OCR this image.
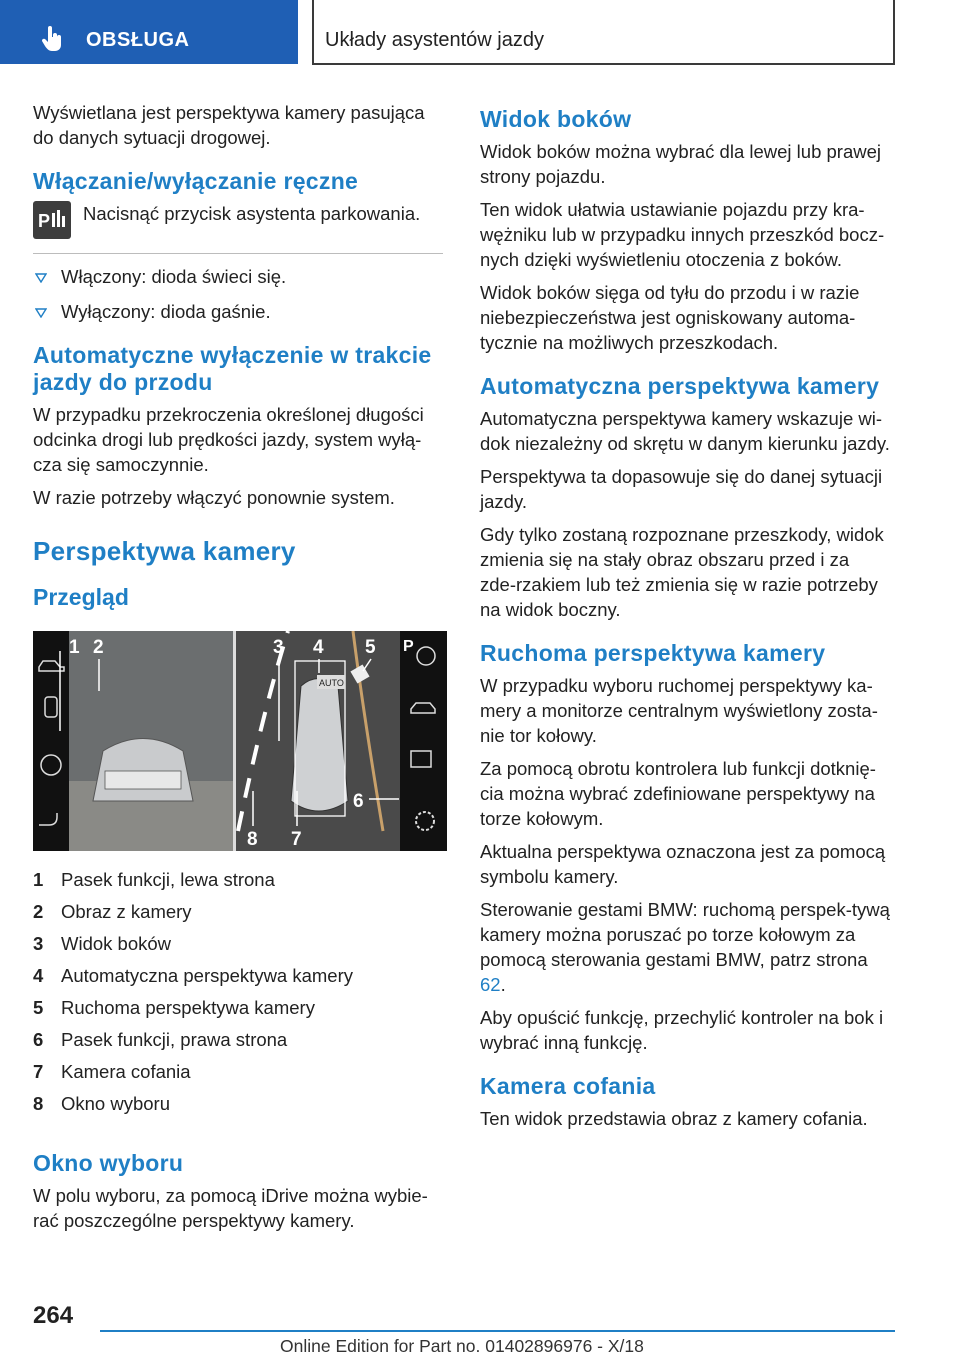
OBSŁUGA	Układy asystentów jazdy

Wyświetlana jest perspektywa kamery pasująca do danych sytuacji drogowej.

Włączanie/wyłączanie ręczne
P Nacisnąć przycisk asystenta parkowania.

Włączony: dioda świeci się.
Wyłączony: dioda gaśnie.
Automatyczne wyłączenie w trakcie jazdy do przodu

W przypadku przekroczenia określonej długości odcinka drogi lub prędkości jazdy, system wyłą-cza się samoczynnie.

W razie potrzeby włączyć ponownie system.

Perspektywa kamery
Przegląd
AUTO
P
1 2	3 4 5
6
7
8
1 Pasek funkcji, lewa strona
2 Obraz z kamery
3 Widok boków
4 Automatyczna perspektywa kamery
5 Ruchoma perspektywa kamery
6 Pasek funkcji, prawa strona
7 Kamera cofania
8 Okno wyboru
Okno wyboru

W polu wyboru, za pomocą iDrive można wybie-rać poszczególne perspektywy kamery.

Widok boków

Widok boków można wybrać dla lewej lub prawej strony pojazdu.

Ten widok ułatwia ustawianie pojazdu przy kra-wężniku lub w przypadku innych przeszkód bocz-nych dzięki wyświetleniu otoczenia z boków.

Widok boków sięga od tyłu do przodu i w razie niebezpieczeństwa jest ogniskowany automa-tycznie na możliwych przeszkodach.

Automatyczna perspektywa kamery

Automatyczna perspektywa kamery wskazuje wi-dok niezależny od skrętu w danym kierunku jazdy.

Perspektywa ta dopasowuje się do danej sytuacji jazdy.

Gdy tylko zostaną rozpoznane przeszkody, widok zmienia się na stały obraz obszaru przed i za zde-rzakiem lub też zmienia się w razie potrzeby na widok boczny.

Ruchoma perspektywa kamery

W przypadku wyboru ruchomej perspektywy ka-mery a monitorze centralnym wyświetlony zosta-nie tor kołowy.

Za pomocą obrotu kontrolera lub funkcji dotknię-cia można wybrać zdefiniowane perspektywy na torze kołowym.

Aktualna perspektywa oznaczona jest za pomocą symbolu kamery.

Sterowanie gestami BMW: ruchomą perspek-tywą kamery można poruszać po torze kołowym za pomocą sterowania gestami BMW, patrz strona 62.

Aby opuścić funkcję, przechylić kontroler na bok i wybrać inną funkcję.

Kamera cofania

Ten widok przedstawia obraz z kamery cofania.

264
Online Edition for Part no. 01402896976 - X/18
